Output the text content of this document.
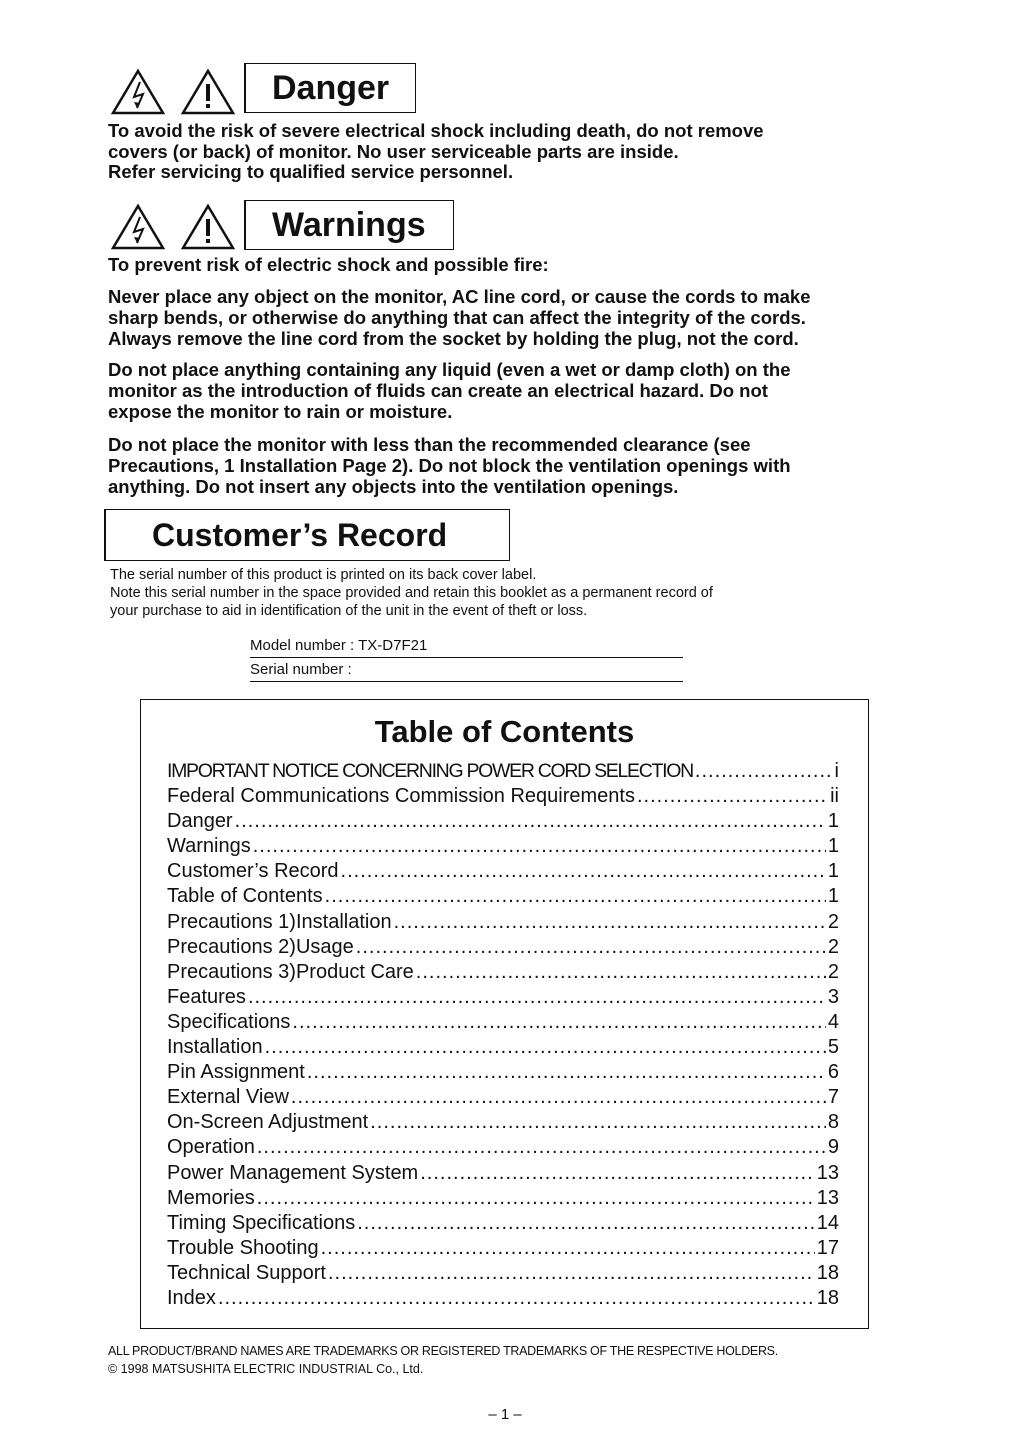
Danger
To avoid the risk of severe electrical shock including death, do not remove
covers (or back) of monitor. No user serviceable parts are inside.
Refer servicing to qualified service personnel.
Warnings
To prevent risk of electric shock and possible fire:
Never place any object on the monitor, AC line cord, or cause the cords to make
sharp bends, or otherwise do anything that can affect the integrity of the cords.
Always remove the line cord from the socket by holding the plug, not the cord.
Do not place anything containing any liquid (even a wet or damp cloth) on the
monitor as the introduction of fluids can create an electrical hazard. Do not
expose the monitor to rain or moisture.
Do not place the monitor with less than the recommended clearance (see
Precautions, 1 Installation Page 2). Do not block the ventilation openings with
anything. Do not insert any objects into the ventilation openings.
Customer’s Record
The serial number of this product is printed on its back cover label.
Note this serial number in the space provided and retain this booklet as a permanent record of
your purchase to aid in identification of the unit in the event of theft or loss.
Model number : TX-D7F21
Serial number :
Table of Contents
IMPORTANT NOTICE CONCERNING POWER CORD SELECTION .....	i
Federal Communications Commission Requirements .....	ii
Danger .....	1
Warnings .....	1
Customer’s Record .....	1
Table of Contents .....	1
Precautions 1)Installation .....	2
Precautions 2)Usage .....	2
Precautions 3)Product Care .....	2
Features .....	3
Specifications .....	4
Installation .....	5
Pin Assignment .....	6
External View .....	7
On-Screen Adjustment .....	8
Operation .....	9
Power Management System .....	13
Memories .....	13
Timing Specifications .....	14
Trouble Shooting .....	17
Technical Support .....	18
Index .....	18
ALL PRODUCT/BRAND NAMES ARE TRADEMARKS OR REGISTERED TRADEMARKS OF THE RESPECTIVE HOLDERS.
© 1998 MATSUSHITA ELECTRIC INDUSTRIAL Co., Ltd.
– 1 –
